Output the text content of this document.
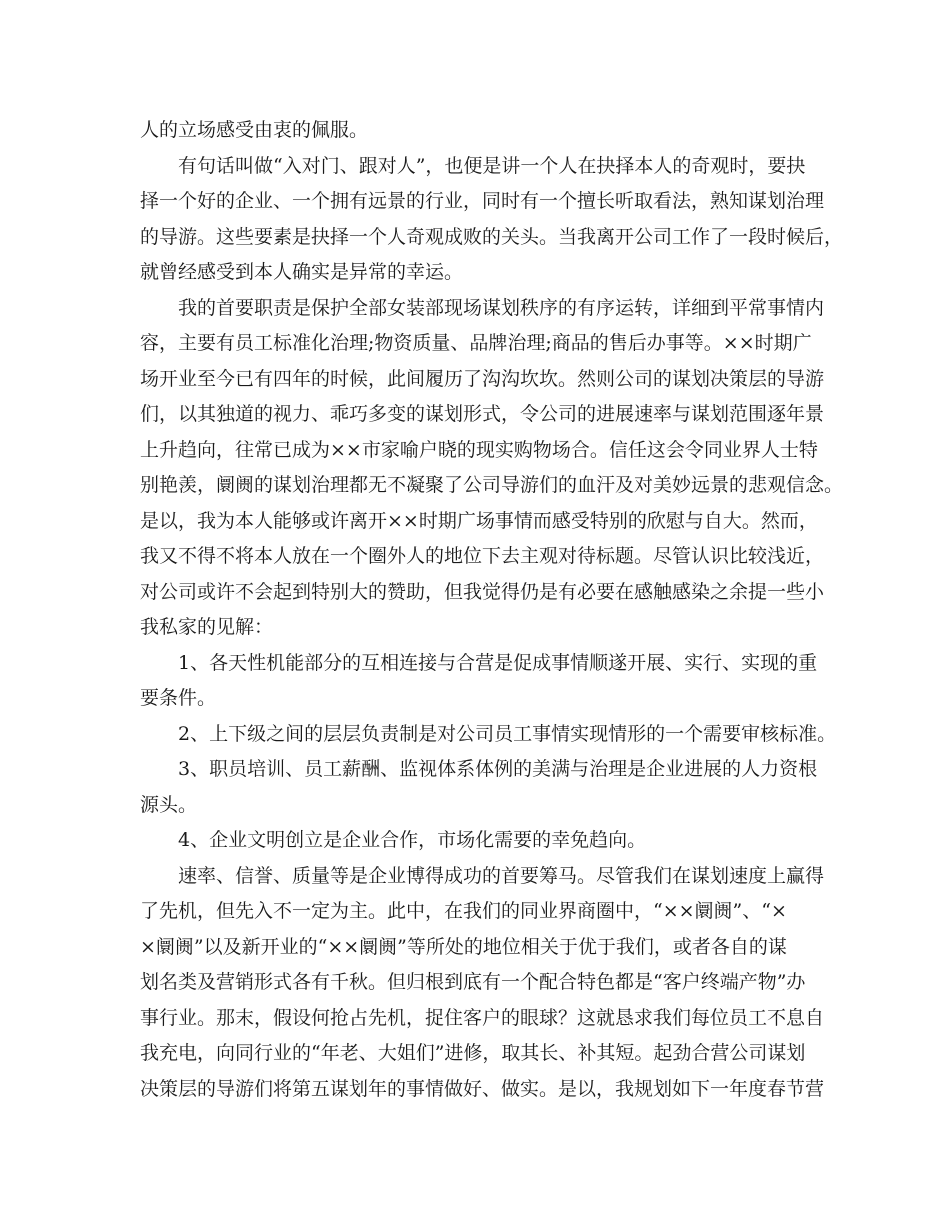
人的立场感受由衷的佩服。
有句话叫做“入对门、跟对人”，也便是讲一个人在抉择本人的奇观时，要抉
择一个好的企业、一个拥有远景的行业，同时有一个擅长听取看法，熟知谋划治理
的导游。这些要素是抉择一个人奇观成败的关头。当我离开公司工作了一段时候后，
就曾经感受到本人确实是异常的幸运。
我的首要职责是保护全部女装部现场谋划秩序的有序运转，详细到平常事情内
容，主要有员工标准化治理;物资质量、品牌治理;商品的售后办事等。××时期广
场开业至今已有四年的时候，此间履历了沟沟坎坎。然则公司的谋划决策层的导游
们，以其独道的视力、乖巧多变的谋划形式，令公司的进展速率与谋划范围逐年景
上升趋向，往常已成为××市家喻户晓的现实购物场合。信任这会令同业界人士特
别艳羡，阛阓的谋划治理都无不凝聚了公司导游们的血汗及对美妙远景的悲观信念。
是以，我为本人能够或许离开××时期广场事情而感受特别的欣慰与自大。然而，
我又不得不将本人放在一个圈外人的地位下去主观对待标题。尽管认识比较浅近，
对公司或许不会起到特别大的赞助，但我觉得仍是有必要在感触感染之余提一些小
我私家的见解：
1、各天性机能部分的互相连接与合营是促成事情顺遂开展、实行、实现的重
要条件。
2、上下级之间的层层负责制是对公司员工事情实现情形的一个需要审核标准。
3、职员培训、员工薪酬、监视体系体例的美满与治理是企业进展的人力资根
源头。
4、企业文明创立是企业合作，市场化需要的幸免趋向。
速率、信誉、质量等是企业博得成功的首要筹马。尽管我们在谋划速度上赢得
了先机，但先入不一定为主。此中，在我们的同业界商圈中，“××阛阓”、“×
×阛阓”以及新开业的“××阛阓”等所处的地位相关于优于我们，或者各自的谋
划名类及营销形式各有千秋。但归根到底有一个配合特色都是“客户终端产物”办
事行业。那末，假设何抢占先机，捉住客户的眼球？这就恳求我们每位员工不息自
我充电，向同行业的“年老、大姐们”进修，取其长、补其短。起劲合营公司谋划
决策层的导游们将第五谋划年的事情做好、做实。是以，我规划如下一年度春节营
